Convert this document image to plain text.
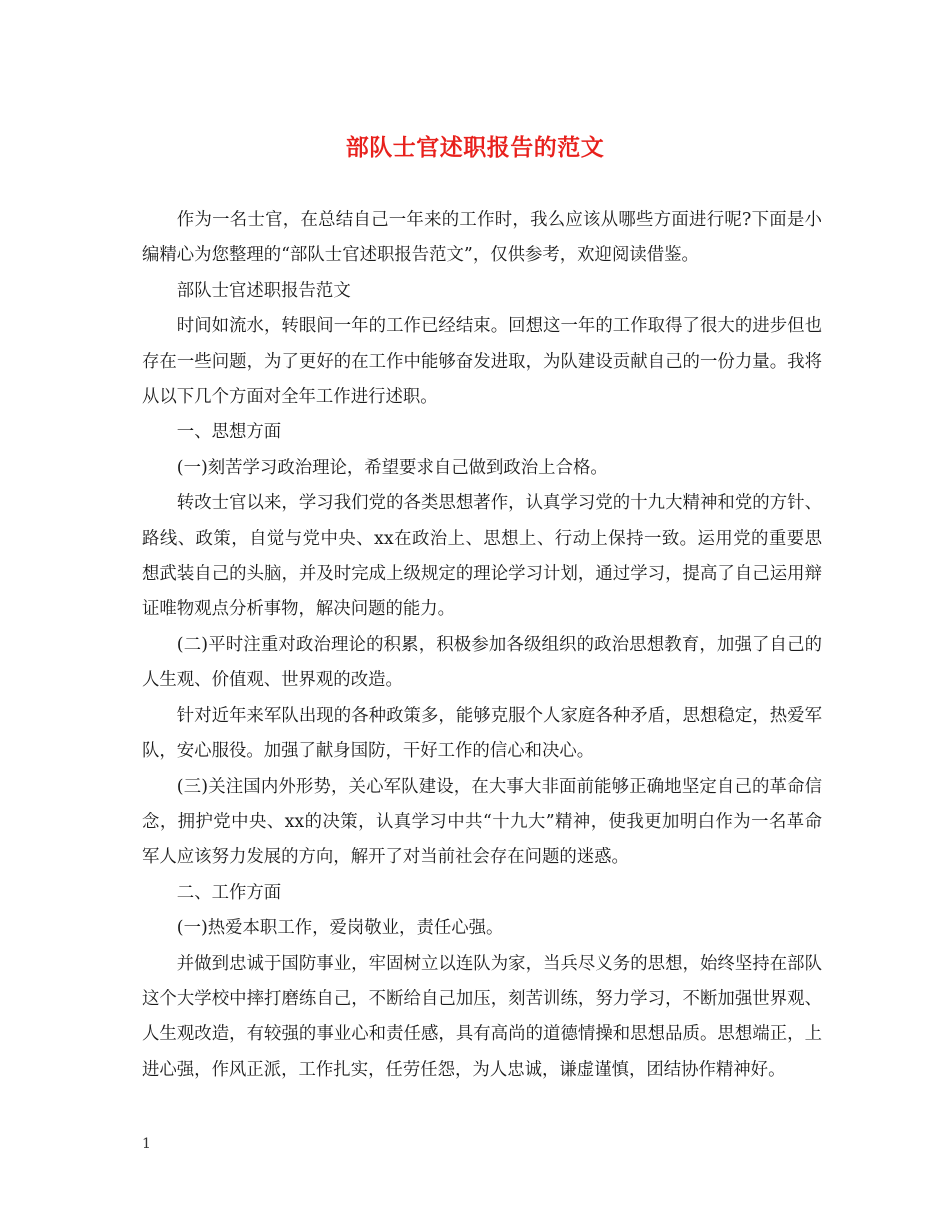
部队士官述职报告的范文

作为一名士官，在总结自己一年来的工作时，我么应该从哪些方面进行呢?下面是小编精心为您整理的“部队士官述职报告范文”，仅供参考，欢迎阅读借鉴。

部队士官述职报告范文

时间如流水，转眼间一年的工作已经结束。回想这一年的工作取得了很大的进步但也存在一些问题，为了更好的在工作中能够奋发进取，为队建设贡献自己的一份力量。我将从以下几个方面对全年工作进行述职。

一、思想方面

(一)刻苦学习政治理论，希望要求自己做到政治上合格。

转改士官以来，学习我们党的各类思想著作，认真学习党的十九大精神和党的方针、路线、政策，自觉与党中央、xx在政治上、思想上、行动上保持一致。运用党的重要思想武装自己的头脑，并及时完成上级规定的理论学习计划，通过学习，提高了自己运用辩证唯物观点分析事物，解决问题的能力。

(二)平时注重对政治理论的积累，积极参加各级组织的政治思想教育，加强了自己的人生观、价值观、世界观的改造。

针对近年来军队出现的各种政策多，能够克服个人家庭各种矛盾，思想稳定，热爱军队，安心服役。加强了献身国防，干好工作的信心和决心。

(三)关注国内外形势，关心军队建设，在大事大非面前能够正确地坚定自己的革命信念，拥护党中央、xx的决策，认真学习中共“十九大”精神，使我更加明白作为一名革命军人应该努力发展的方向，解开了对当前社会存在问题的迷惑。

二、工作方面

(一)热爱本职工作，爱岗敬业，责任心强。

并做到忠诚于国防事业，牢固树立以连队为家，当兵尽义务的思想，始终坚持在部队这个大学校中摔打磨练自己，不断给自己加压，刻苦训练，努力学习，不断加强世界观、人生观改造，有较强的事业心和责任感，具有高尚的道德情操和思想品质。思想端正，上进心强，作风正派，工作扎实，任劳任怨，为人忠诚，谦虚谨慎，团结协作精神好。

1
